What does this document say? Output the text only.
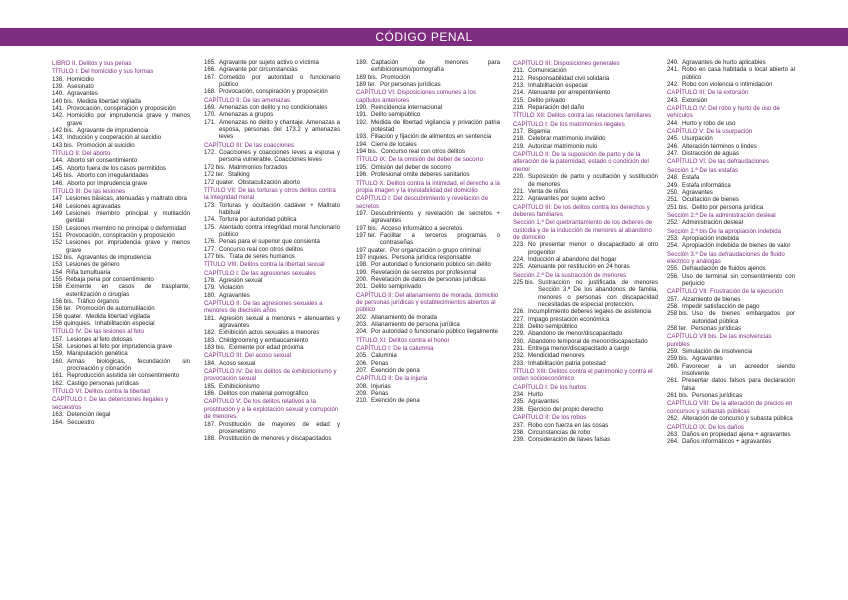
CÓDIGO PENAL
LIBRO II. Delitos y sus penas
TÍTULO I: Del homicidio y sus formas
138. Homicidio
139. Asesinato
140. Agravantes
140 bis. Medida libertad vigilada
141. Provocación, conspiración y proposición
142. Homicidio por imprudencia grave y menos grave
142 bis. Agravante de imprudencia
143. Inducción y cooperación al suicidio
143 bis. Promoción al suicidio
TÍTULO II: Del aborto
144. Aborto sin consentimiento
145. Aborto fuera de los casos permitidos
145 bis. Aborto con irregularidades
146. Aborto por imprudencia grave
TÍTULO III: De las lesiones
147 Lesiones básicas, atenuadas y maltrato obra
148 Lesiones agravadas
149 Lesiones miembro principal y mutilación genital
150 Lesiones miembro no principal o deformidad
151 Provocación, conspiración y proposición
152 Lesiones por imprudencia grave y menos grave
152 bis. Agravantes de imprudencia
153 Lesiones de género
154 Riña tumultuaria
155 Rebaja pena por consentimiento
156 Eximente en casos de trasplante, esterilización o cirugías
156 bis. Tráfico órganos
156 ter. Promoción de automutilación
156 quater. Medida libertad vigilada
156 quinquies. Inhabilitación especial
TÍTULO IV: De las lesiones al feto
157. Lesiones al feto dolosas
158. Lesiones al feto por imprudencia grave
159. Manipulación genética
160. Armas biológicas, fecundación sin procreación y clonación
161. Reproducción asistida sin consentimiento
162. Castigo personas jurídicas
TÍTULO VI: Delitos contra la libertad
CAPÍTULO I: De las detenciones ilegales y secuestros
163. Detención ilegal
164. Secuestro
165. Agravante por sujeto activo o víctima
166. Agravante por circunstancias
167. Cometido por autoridad o funcionario público
168. Provocación, conspiración y proposición
CAPÍTULO II: De las amenazas
169. Amenazas con delito y no condicionales
170. Amenazas a grupos
171. Amenazas no delito y chantaje. Amenazas a esposa, personas del 173.2 y amenazas leves
CAPÍTULO III: De las coacciones
172. Coacciones y coacciones leves a esposa y persona vulnerable. Coacciones leves
172 bis. Matrimonios forzados
172 ter. Stalking
172 quater. Obstaculización aborto
TÍTULO VII: De las torturas y otros delitos contra la integridad moral
173. Torturas y ocultación cadáver + Maltrato habitual
174. Tortura por autoridad pública
175. Atentado contra integridad moral funcionario público
176. Penas para el superior que consienta
177. Concurso real con otros delitos
177 bis. Trata de seres humanos
TÍTULO VIII: Delitos contra la libertad sexual
CAPÍTULO I: De las agresiones sexuales
178. Agresión sexual
179. Violación
180. Agravantes
CAPÍTULO II: De las agresiones sexuales a menores de dieciséis años
181. Agresión sexual a menores + atenuantes y agravantes
182. Exhibición actos sexuales a menores
183. Childgrooming y embaucamiento
183 bis. Eximente por edad próxima
CAPÍTULO III: Del acoso sexual
184. Acoso sexual
CAPÍTULO IV: De los delitos de exhibicionismo y provocación sexual
185. Exhibicionismo
186. Delitos con material pornográfico
CAPÍTULO V: De los delitos relativos a la prostitución y a la explotación sexual y corrupción de menores.
187. Prostitución de mayores de edad y proxenetismo
188. Prostitución de menores y discapacitados
189. Captación de menores para exhibicionismo/pornografía
189 bis. Promoción
189 ter. Por personas jurídicas
CAPÍTULO VI: Disposiciones comunes a los capítulos anteriores
190. Reincidencia internacional
191. Delito semipúblico
192. Medida de libertad vigilancia y privación patria potestad
193. Filiación y fijación de alimentos en sentencia
194. Cierre de locales
194 bis. Concurso real con otros delitos
TÍTULO IX: De la omisión del deber de socorro
195. Omisión del deber de socorro
196. Profesional omite deberes sanitarios
TÍTULO X: Delitos contra la intimidad, el derecho a la propia imagen y la inviolabilidad del domicilio
CAPÍTULO I: Del descubrimiento y revelación de secretos
197. Descubrimiento y revelación de secretos + agravantes
197 bis. Acceso informático a secretos
197 ter. Facilitar a terceros programas o contraseñas
197 quater. Por organización o grupo criminal
197 inquies. Persona jurídica responsable
198. Por autoridad o funcionario público sin delito
199. Revelación de secretos por profesional
200. Revelación de datos de personas jurídicas
201. Delito semiprivado
CAPÍTULO II: Del allanamiento de morada, domicilio de personas jurídicas y establecimientos abiertos al público
202. Allanamiento de morada
203. Allanamiento de persona jurídica
204. Por autoridad o funcionario público ilegalmente
TÍTULO XI: Delitos contra el honor
CAPÍTULO I: De la calumnia
205. Calumnia
206. Penas
207. Exención de pena
CAPÍTULO II: De la injuria
208. Injurias
209. Penas
210. Exención de pena
CAPÍTULO III: Disposiciones generales
211. Comunicación
212. Responsabilidad civil solidaria
213. Inhabilitación especial
214. Atenuante por arrepentimiento
215. Delito privado
216. Reparación del daño
TÍTULO XII: Delitos contra las relaciones familiares
CAPÍTULO I: De los matrimonios ilegales
217. Bigamia
218. Celebrar matrimonio inválido
219. Autorizar matrimonio nulo
CAPÍTULO II: De la suposición de parto y de la alteración de la paternidad, estado o condición del menor
220. Suposición de parto y ocultación y sustitución de menores
221. Venta de niños
222. Agravantes por sujeto activo
CAPÍTULO III: De los delitos contra los derechos y deberes familiares
Sección 1.ª Del quebrantamiento de los deberes de custodia y de la inducción de menores al abandono de domicilio
223. No presentar menor o discapacitado al otro progenitor
224. Inducción al abandono del hogar
225. Atenuante por restitución en 24 horas
Sección 2.ª De la sustracción de menores
225 bis. Sustracción no justificada de menores Sección 3.ª De los abandonos de familia, menores o personas con discapacidad necesitadas de especial protección.
226. Incumplimiento deberes legales de asistencia
227. Impago prestación económica
228. Delito semipúblico
229. Abandono de menor/discapacitado
230. Abandono temporal de menor/discapacitado
231. Entrega menor/discapacitado a cargo
232. Mendicidad menores
233. Inhabilitación patria potestad
TÍTULO XIII: Delitos contra el patrimonio y contra el orden socioeconómico
CAPÍTULO I: De los hurtos
234. Hurto
235. Agravantes
236. Ejercicio del propio derecho
CAPÍTULO II: De los robos
237. Robo con fuerza en las cosas
238. Circunstancias de robo
239. Consideración de llaves falsas
240. Agravantes de hurto aplicables
241. Robo en casa habitada o local abierto al público
242. Robo con violencia o intimidación
CAPÍTULO III: De la extorsión
243. Extorsión
CAPÍTULO IV: Del robo y hurto de uso de vehículos
244. Hurto y robo de uso
CAPÍTULO V: De la usurpación
245. Usurpación
246. Alteración términos o lindes
247. Distracción de aguas
CAPÍTULO VI: De las defraudaciones
Sección 1.ª De las estafas
248. Estafa
249. Estafa informática
250. Agravantes
251. Ocultación de bienes
251 bis. Delito por persona jurídica
Sección 2.ª De la administración desleal
252. Administración desleal
Sección 2.ª bis De la apropiación indebida
253. Apropiación indebida
254. Apropiación indebida de bienes de valor
Sección 3.ª De las defraudaciones de fluido eléctrico y análogas
255. Defraudación de fluidos ajenos
256. Uso de terminal sin consentimiento con perjuicio
CAPÍTULO VII: Frustración de la ejecución
257. Alzamiento de bienes
258. Impedir satisfacción de pago
258 bis. Uso de bienes embargados por autoridad pública
258 ter. Personas jurídicas
CAPÍTULO VII bis. De las insolvencias punibles
259. Simulación de insolvencia
259 bis. Agravantes
260. Favorecer a un acreedor siendo insolvente
261. Presentar datos falsos para declaración falsa
261 bis. Personas jurídicas
CAPÍTULO VIII: De la alteración de precios en concursos y subastas públicas
262. Alteración de concurso y subasta pública
CAPÍTULO IX: De los daños
263. Daños en propiedad ajena + agravantes
264. Daños informáticos + agravantes
